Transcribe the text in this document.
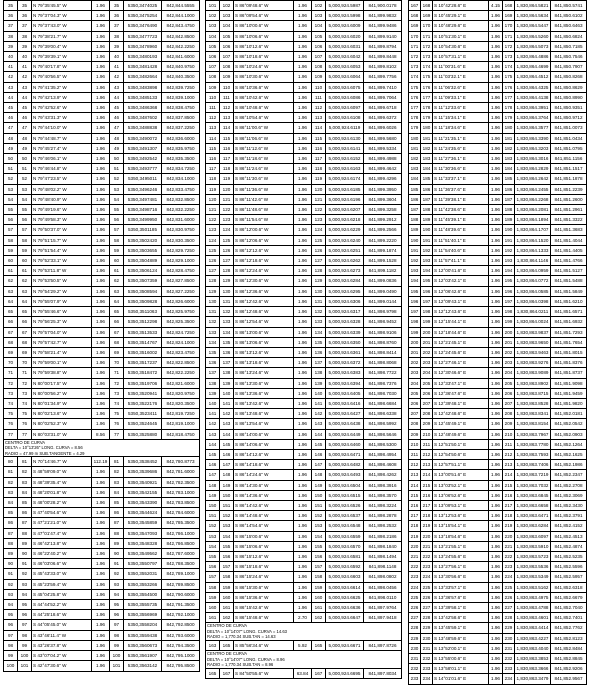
35	35	N 79°35'45.5" W	1.96	35	5350,3474025	842,844.5555
36	36	N 79°37'04.3" W	1.96	36	5350,3475254	842,844.1000
37	37	N 79°37'43.0" W	1.96	37	5350,3476490	842,843.4750
38	38	N 79°38'21.7" W	1.96	38	5350,3477723	842,842.8500
39	39	N 79°39'00.4" W	1.96	39	5350,3478960	842,842.2250
40	40	N 79°39'39.1" W	1.96	40	5350,3480193	842,841.6000
41	41	N 79°40'17.8" W	1.96	41	5350,3481428	842,840.9750
42	42	N 79°40'56.5" W	1.96	42	5350,3482664	842,840.3500
43	43	N 79°41'35.2" W	1.96	43	5350,3483898	842,839.7250
44	44	N 79°42'13.9" W	1.96	44	5350,3485133	842,839.1000
45	45	N 79°42'52.6" W	1.96	45	5350,3486368	842,838.4750
46	46	N 79°43'31.3" W	1.96	46	5350,3487602	842,837.8500
47	47	N 79°44'10.0" W	1.96	47	5350,3488838	842,837.2250
48	48	N 79°44'48.7" W	1.96	48	5350,3490072	842,836.6000
49	49	N 79°45'27.4" W	1.96	49	5350,3491307	842,835.9750
50	50	N 79°46'06.1" W	1.96	50	5350,3492542	842,835.3500
51	51	N 79°46'44.8" W	1.96	51	5350,3493777	842,834.7250
52	52	N 79°47'23.5" W	1.96	52	5350,3495011	842,834.1000
53	53	N 79°48'02.2" W	1.96	53	5350,3496246	842,833.4750
54	54	N 79°48'40.9" W	1.96	54	5350,3497481	842,832.8500
55	55	N 79°49'19.6" W	1.96	55	5350,3498716	842,832.2250
56	56	N 79°49'58.3" W	1.96	56	5350,3499950	842,831.6000
57	57	N 79°50'37.0" W	1.96	57	5350,3501185	842,830.9750
58	58	N 79°51'15.7" W	1.96	58	5350,3502420	842,830.3500
59	59	N 79°51'54.4" W	1.96	59	5350,3503655	842,829.7250
60	60	N 79°52'33.1" W	1.96	60	5350,3504889	842,829.1000
61	61	N 79°53'11.8" W	1.96	61	5350,3506124	842,828.4750
62	62	N 79°53'50.5" W	1.96	62	5350,3507359	842,827.8500
63	63	N 79°54'29.2" W	1.96	63	5350,3508594	842,827.2250
64	64	N 79°55'07.9" W	1.96	64	5350,3509828	842,826.6000
65	65	N 79°55'46.6" W	1.96	65	5350,3511063	842,825.9750
66	66	N 79°56'25.3" W	1.96	66	5350,3512298	842,825.3500
67	67	N 79°57'04.0" W	1.96	67	5350,3513533	842,824.7250
68	68	N 79°57'42.7" W	1.96	68	5350,3514767	842,824.1000
69	69	N 79°58'21.4" W	1.96	69	5350,3516002	842,823.4750
70	70	N 79°59'00.1" W	1.96	70	5350,3517237	842,822.8500
71	71	N 79°59'38.8" W	1.96	71	5350,3518472	842,822.2250
72	72	N 80°00'17.5" W	1.96	72	5350,3519706	842,821.6000
73	73	N 80°00'56.2" W	1.96	73	5350,3520941	842,820.9750
74	74	N 80°01'34.9" W	1.96	74	5350,3522176	842,820.3500
75	75	N 80°02'13.6" W	1.96	75	5350,3523411	842,819.7250
76	76	N 80°02'52.3" W	1.96	76	5350,3524645	842,819.1000
77	77	N 80°03'31.0" W	8.56	77	5350,3525880	842,818.4750
CENTRO DE CURVA
DELTA = 10°13'26" LONG. CURVA = 8.56
RADIO = 47.99 m SUB.TANGENTE = 4.29						
80	81	N 70°14'46.7" W	112.19	81	5350,3538452	842,780.8773
81	82	S 48°59'09.0" W	1.96	82	5350,3539686	842,781.6000
82	83	S 48°39'35.4" W	1.96	83	5350,3540921	842,782.3500
83	84	S 48°20'01.8" W	1.96	84	5350,3542155	842,783.1000
84	85	S 48°00'28.2" W	1.96	85	5350,3543390	842,783.8500
85	86	S 47°40'54.6" W	1.96	86	5350,3544624	842,784.6000
86	87	S 47°21'21.0" W	1.96	87	5350,3545859	842,785.3500
87	88	S 47°01'47.4" W	1.96	88	5350,3547093	842,786.1000
88	89	S 46°42'13.8" W	1.96	89	5350,3548328	842,786.8500
89	90	S 46°22'40.2" W	1.96	90	5350,3549562	842,787.6000
90	91	S 46°03'06.6" W	1.96	91	5350,3550797	842,788.3500
91	92	S 45°43'33.0" W	1.96	92	5350,3552031	842,789.1000
92	93	S 45°23'59.4" W	1.96	93	5350,3553266	842,789.8500
93	94	S 45°04'25.8" W	1.96	94	5350,3554500	842,790.6000
94	95	S 44°44'52.2" W	1.96	95	5350,3555735	842,791.3500
95	96	S 44°25'18.6" W	1.96	96	5350,3556969	842,792.1000
96	97	S 44°05'45.0" W	1.96	97	5350,3558204	842,792.8500
97	98	S 43°46'11.4" W	1.96	98	5350,3559438	842,793.6000
98	99	S 43°26'37.8" W	1.96	99	5350,3560673	842,794.3500
99	100	S 43°07'04.2" W	1.96	100	5350,3561907	842,795.1000
100	101	S 42°47'30.6" W	1.96	101	5350,3563142	842,795.8500
101	102	S 86°09'48.6" W	1.96	102	5,000,924.5987	841,900.0178
102	103	S 86°09'54.6" W	1.96	103	5,000,924.5998	841,899.9832
103	104	S 86°10'00.6" W	1.96	104	5,000,924.6009	841,899.9486
104	105	S 86°10'06.6" W	1.96	105	5,000,924.6020	841,899.9140
105	106	S 86°10'12.6" W	1.96	106	5,000,924.6031	841,899.8794
106	107	S 86°10'18.6" W	1.96	107	5,000,924.6042	841,899.8448
107	108	S 86°10'24.6" W	1.96	108	5,000,924.6053	841,899.8102
108	109	S 86°10'30.6" W	1.96	109	5,000,924.6064	841,899.7756
109	110	S 86°10'36.6" W	1.96	110	5,000,924.6075	841,899.7410
110	111	S 86°10'42.6" W	1.96	111	5,000,924.6086	841,899.7064
111	112	S 86°10'48.6" W	1.96	112	5,000,924.6097	841,899.6718
112	113	S 86°10'54.6" W	1.96	113	5,000,924.6108	841,899.6372
113	114	S 86°11'00.6" W	1.96	114	5,000,924.6119	841,899.6026
114	115	S 86°11'06.6" W	1.96	115	5,000,924.6130	841,899.5680
115	116	S 86°11'12.6" W	1.96	116	5,000,924.6141	841,899.5334
116	117	S 86°11'18.6" W	1.96	117	5,000,924.6152	841,899.4988
117	118	S 86°11'24.6" W	1.96	118	5,000,924.6163	841,899.4642
118	119	S 86°11'30.6" W	1.96	119	5,000,924.6174	841,899.4296
119	120	S 86°11'36.6" W	1.96	120	5,000,924.6185	841,899.3950
120	121	S 86°11'42.6" W	1.96	121	5,000,924.6196	841,899.3604
121	122	S 86°11'48.6" W	1.96	122	5,000,924.6207	841,899.3258
122	123	S 86°11'54.6" W	1.96	123	5,000,924.6218	841,899.2912
123	124	S 86°12'00.6" W	1.96	124	5,000,924.6229	841,899.2566
124	125	S 86°12'06.6" W	1.96	125	5,000,924.6240	841,899.2220
125	126	S 86°12'12.6" W	1.96	126	5,000,924.6251	841,899.1874
126	127	S 86°12'18.6" W	1.96	127	5,000,924.6262	841,899.1528
127	128	S 86°12'24.6" W	1.96	128	5,000,924.6273	841,899.1182
128	129	S 86°12'30.6" W	1.96	129	5,000,924.6284	841,899.0836
129	130	S 86°12'36.6" W	1.96	130	5,000,924.6295	841,899.0490
130	131	S 86°12'42.6" W	1.96	131	5,000,924.6306	841,899.0144
131	132	S 86°12'48.6" W	1.96	132	5,000,924.6317	841,898.9798
132	133	S 86°12'54.6" W	1.96	133	5,000,924.6328	841,898.9452
133	134	S 86°13'00.6" W	1.96	134	5,000,924.6339	841,898.9106
134	135	S 86°13'06.6" W	1.96	135	5,000,924.6350	841,898.8760
135	136	S 86°13'12.6" W	1.96	136	5,000,924.6361	841,898.8414
136	137	S 86°13'18.6" W	1.96	137	5,000,924.6372	841,898.8068
137	138	S 86°13'24.6" W	1.96	138	5,000,924.6383	841,898.7722
138	139	S 86°13'30.6" W	1.96	139	5,000,924.6394	841,898.7376
139	140	S 86°13'36.6" W	1.96	140	5,000,924.6405	841,898.7030
140	141	S 86°13'42.6" W	1.96	141	5,000,924.6416	841,898.6684
141	142	S 86°13'48.6" W	1.96	142	5,000,924.6427	841,898.6338
142	143	S 86°13'54.6" W	1.96	143	5,000,924.6438	841,898.5992
143	144	S 86°14'00.6" W	1.96	144	5,000,924.6449	841,898.5646
144	145	S 86°14'06.6" W	1.96	145	5,000,924.6460	841,898.5300
145	146	S 86°14'12.6" W	1.96	146	5,000,924.6471	841,898.4954
146	147	S 86°14'18.6" W	1.96	147	5,000,924.6482	841,898.4608
147	148	S 86°14'24.6" W	1.96	148	5,000,924.6493	841,898.4262
148	149	S 86°14'30.6" W	1.96	149	5,000,924.6504	841,898.3916
149	150	S 86°14'36.6" W	1.96	150	5,000,924.6515	841,898.3570
150	151	S 86°14'42.6" W	1.96	151	5,000,924.6526	841,898.3224
151	152	S 86°14'48.6" W	1.96	152	5,000,924.6537	841,898.2878
152	153	S 86°14'54.6" W	1.96	153	5,000,924.6548	841,898.2532
153	154	S 86°15'00.6" W	1.96	154	5,000,924.6559	841,898.2186
154	155	S 86°15'06.6" W	1.96	155	5,000,924.6570	841,898.1840
155	156	S 86°15'12.6" W	1.96	156	5,000,924.6581	841,898.1494
156	157	S 86°15'18.6" W	1.96	157	5,000,924.6592	841,898.1148
157	158	S 86°15'24.6" W	1.96	158	5,000,924.6603	841,898.0802
158	159	S 86°15'30.6" W	1.96	159	5,000,924.6614	841,898.0456
159	160	S 86°15'36.6" W	1.96	160	5,000,924.6625	841,898.0110
160	161	S 86°15'42.6" W	1.96	161	5,000,924.6636	841,897.9764
161	162	S 86°15'48.6" W	2.70	162	5,000,924.6647	841,897.9418
CENTRO DE CURVA
DELTA = 10°14'07" LONG. CURVA = 14.63
RADIO = 1,770.34 SUB.TAN = 14.63						
163	165	S 85°56'34.6" W	5.92	165	5,000,924.6671	841,897.8726
CENTRO DE CURVA
DELTA = 10°14'07" LONG. CURVA = 8.96
RADIO = 1,770.34 SUB.TAN = 8.96						
165	167	S 84°50'55.6" W	63.84	167	5,000,924.6695	841,897.8034
167	168	S 10°42'28.6" E	4.15	168	1,830,864.5821	841,850.5741
168	169	S 10°45'29.1" E	1.96	169	1,830,864.5634	841,850.6102
169	170	S 10°48'29.6" E	1.96	170	1,830,864.5447	841,850.6463
170	171	S 10°51'30.1" E	1.96	171	1,830,864.5260	841,850.6824
171	172	S 10°54'30.6" E	1.96	172	1,830,864.5073	841,850.7185
172	173	S 10°57'31.1" E	1.96	173	1,830,864.4886	841,850.7546
173	174	S 11°00'31.6" E	1.96	174	1,830,864.4699	841,850.7907
174	175	S 11°03'32.1" E	1.96	175	1,830,864.4512	841,850.8268
175	176	S 11°06'32.6" E	1.96	176	1,830,864.4325	841,850.8629
176	177	S 11°09'33.1" E	1.96	177	1,830,864.4138	841,850.8990
177	178	S 11°12'33.6" E	1.96	178	1,830,864.3951	841,850.9351
178	179	S 11°15'34.1" E	1.96	179	1,830,864.3764	841,850.9712
179	180	S 11°18'34.6" E	1.96	180	1,830,864.3577	841,851.0073
180	181	S 11°21'35.1" E	1.96	181	1,830,864.3390	841,851.0434
181	182	S 11°24'35.6" E	1.96	182	1,830,864.3203	841,851.0795
182	183	S 11°27'36.1" E	1.96	183	1,830,864.3016	841,851.1156
183	184	S 11°30'36.6" E	1.96	184	1,830,864.2829	841,851.1517
184	185	S 11°33'37.1" E	1.96	185	1,830,864.2642	841,851.1878
185	186	S 11°36'37.6" E	1.96	186	1,830,864.2455	841,851.2239
186	187	S 11°39'38.1" E	1.96	187	1,830,864.2268	841,851.2600
187	188	S 11°42'38.6" E	1.96	188	1,830,864.2081	841,851.2961
188	189	S 11°45'39.1" E	1.96	189	1,830,864.1894	841,851.3322
189	190	S 11°48'39.6" E	1.96	190	1,830,864.1707	841,851.3683
190	191	S 11°51'40.1" E	1.96	191	1,830,864.1520	841,851.4044
191	192	S 11°54'40.6" E	1.96	192	1,830,864.1333	841,851.4405
192	193	S 11°57'41.1" E	1.96	193	1,830,864.1146	841,851.4766
193	194	S 12°00'41.6" E	1.96	194	1,830,864.0959	841,851.5127
194	195	S 12°03'42.1" E	1.96	195	1,830,864.0772	841,851.5488
195	196	S 12°06'42.6" E	1.96	196	1,830,864.0585	841,851.5849
196	197	S 12°09'43.1" E	1.96	197	1,830,864.0398	841,851.6210
197	198	S 12°12'43.6" E	1.96	198	1,830,864.0211	841,851.6571
198	199	S 12°15'44.1" E	1.96	199	1,830,864.0024	841,851.6932
199	200	S 12°18'44.6" E	1.96	200	1,830,863.9837	841,851.7293
200	201	S 12°21'45.1" E	1.96	201	1,830,863.9650	841,851.7654
201	202	S 12°24'45.6" E	1.96	202	1,830,863.9463	841,851.8015
202	203	S 12°27'46.1" E	1.96	203	1,830,863.9276	841,851.8376
203	204	S 12°30'46.6" E	1.96	204	1,830,863.9089	841,851.8737
204	205	S 12°33'47.1" E	1.96	205	1,830,863.8902	841,851.9098
205	206	S 12°36'47.6" E	1.96	206	1,830,863.8715	841,851.9459
206	207	S 12°39'48.1" E	1.96	207	1,830,863.8528	841,851.9820
207	208	S 12°42'48.6" E	1.96	208	1,830,863.8341	841,852.0181
208	209	S 12°45'49.1" E	1.96	209	1,830,863.8154	841,852.0542
209	210	S 12°48'49.6" E	1.96	210	1,830,863.7967	841,852.0903
210	211	S 12°51'50.1" E	1.96	211	1,830,863.7780	841,852.1264
211	212	S 12°54'50.6" E	1.96	212	1,830,863.7593	841,852.1625
212	213	S 12°57'51.1" E	1.96	213	1,830,863.7406	841,852.1986
213	214	S 13°00'51.6" E	1.96	214	1,830,863.7219	841,852.2347
214	215	S 13°03'52.1" E	1.96	215	1,830,863.7032	841,852.2708
215	216	S 13°06'52.6" E	1.96	216	1,830,863.6845	841,852.3069
216	217	S 13°09'53.1" E	1.96	217	1,830,863.6658	841,852.3430
217	218	S 13°12'53.6" E	1.96	218	1,830,863.6471	841,852.3791
218	219	S 13°15'54.1" E	1.96	219	1,830,863.6284	841,852.4152
219	220	S 13°18'54.6" E	1.96	220	1,830,863.6097	841,852.4513
220	221	S 13°21'55.1" E	1.96	221	1,830,863.5910	841,852.4874
221	222	S 13°24'55.6" E	1.96	222	1,830,863.5723	841,852.5235
222	223	S 13°27'56.1" E	1.96	223	1,830,863.5536	841,852.5596
223	224	S 13°30'56.6" E	1.96	224	1,830,863.5349	841,852.5957
224	225	S 13°33'57.1" E	1.96	225	1,830,863.5162	841,852.6318
225	226	S 13°36'57.6" E	1.96	226	1,830,863.4975	841,852.6679
226	227	S 13°39'58.1" E	1.96	227	1,830,863.4788	841,852.7040
227	228	S 13°42'58.6" E	1.96	228	1,830,863.4601	841,852.7401
228	229	S 13°45'59.1" E	1.96	229	1,830,863.4414	841,852.7762
229	230	S 13°48'59.6" E	1.96	230	1,830,863.4227	841,852.8123
230	231	S 13°52'00.1" E	1.96	231	1,830,863.4040	841,852.8484
231	232	S 13°55'00.6" E	1.96	232	1,830,863.3853	841,852.8845
232	233	S 13°58'01.1" E	1.96	233	1,830,863.3666	841,852.9206
233	234	S 14°01'01.6" E	1.96	234	1,830,863.3479	841,852.9567
